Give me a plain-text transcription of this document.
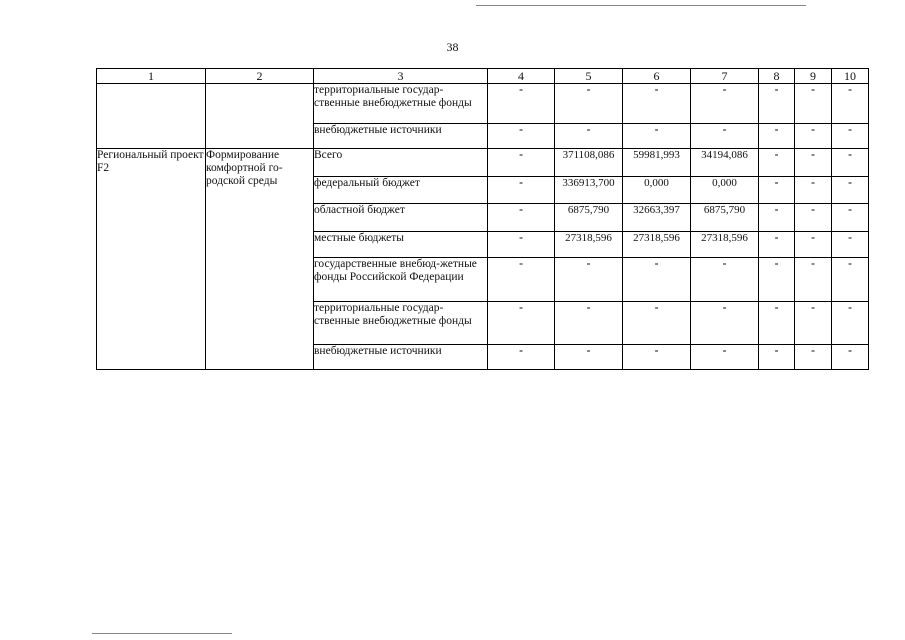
38
1	2	3	4	5	6	7	8	9	10
		территориальные государ-ственные внебюджетные фонды	-	-	-	-	-	-	-
		внебюджетные источники	-	-	-	-	-	-	-
Региональный проект F2	Формирование комфортной го-родской среды	Всего	-	371108,086	59981,993	34194,086	-	-	-
		федеральный бюджет	-	336913,700	0,000	0,000	-	-	-
		областной бюджет	-	6875,790	32663,397	6875,790	-	-	-
		местные бюджеты	-	27318,596	27318,596	27318,596	-	-	-
		государственные внебюд-жетные фонды Российской Федерации	-	-	-	-	-	-	-
		территориальные государ-ственные внебюджетные фонды	-	-	-	-	-	-	-
		внебюджетные источники	-	-	-	-	-	-	-
